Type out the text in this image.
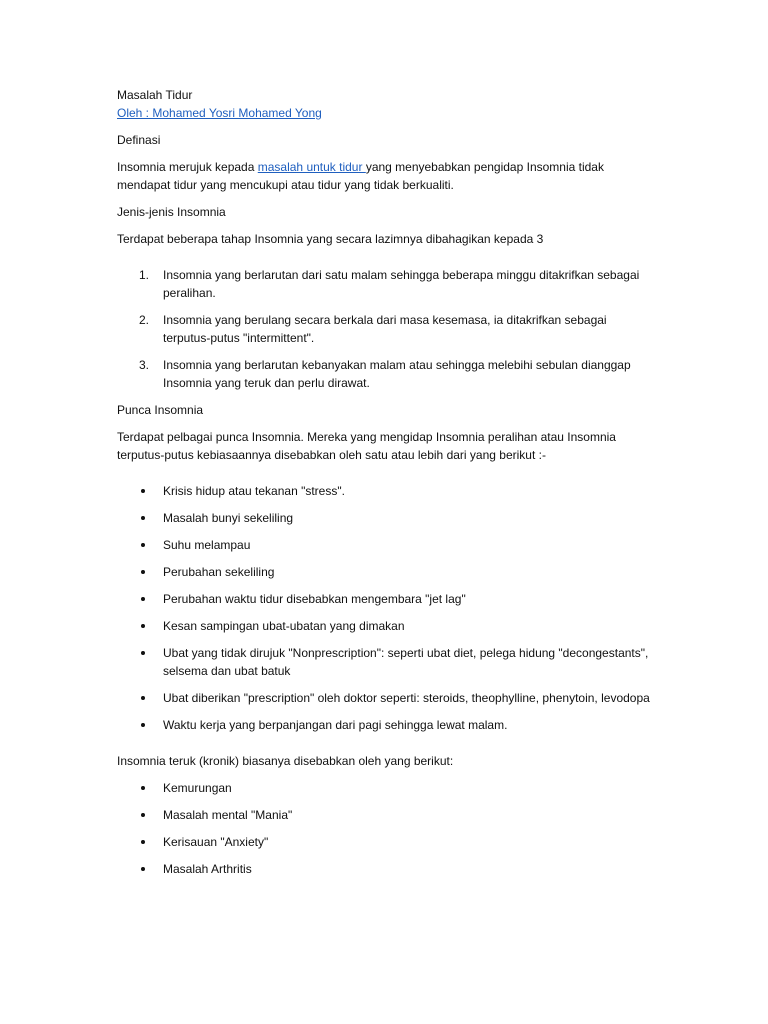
Masalah Tidur

Oleh : Mohamed Yosri Mohamed Yong

Definasi

Insomnia merujuk kepada masalah untuk tidur yang menyebabkan pengidap Insomnia tidak mendapat tidur yang mencukupi atau tidur yang tidak berkualiti.

Jenis-jenis Insomnia

Terdapat beberapa tahap Insomnia yang secara lazimnya dibahagikan kepada 3

1. Insomnia yang berlarutan dari satu malam sehingga beberapa minggu ditakrifkan sebagai peralihan.
2. Insomnia yang berulang secara berkala dari masa kesemasa, ia ditakrifkan sebagai terputus-putus "intermittent".
3. Insomnia yang berlarutan kebanyakan malam atau sehingga melebihi sebulan dianggap Insomnia yang teruk dan perlu dirawat.

Punca Insomnia

Terdapat pelbagai punca Insomnia. Mereka yang mengidap Insomnia peralihan atau Insomnia terputus-putus kebiasaannya disebabkan oleh satu atau lebih dari yang berikut :-

Krisis hidup atau tekanan "stress".
Masalah bunyi sekeliling
Suhu melampau
Perubahan sekeliling
Perubahan waktu tidur disebabkan mengembara "jet lag"
Kesan sampingan ubat-ubatan yang dimakan
Ubat yang tidak dirujuk "Nonprescription": seperti ubat diet, pelega hidung "decongestants", selsema dan ubat batuk
Ubat diberikan "prescription" oleh doktor seperti: steroids, theophylline, phenytoin, levodopa
Waktu kerja yang berpanjangan dari pagi sehingga lewat malam.

Insomnia teruk (kronik) biasanya disebabkan oleh yang berikut:

Kemurungan
Masalah mental "Mania"
Kerisauan "Anxiety"
Masalah Arthritis
